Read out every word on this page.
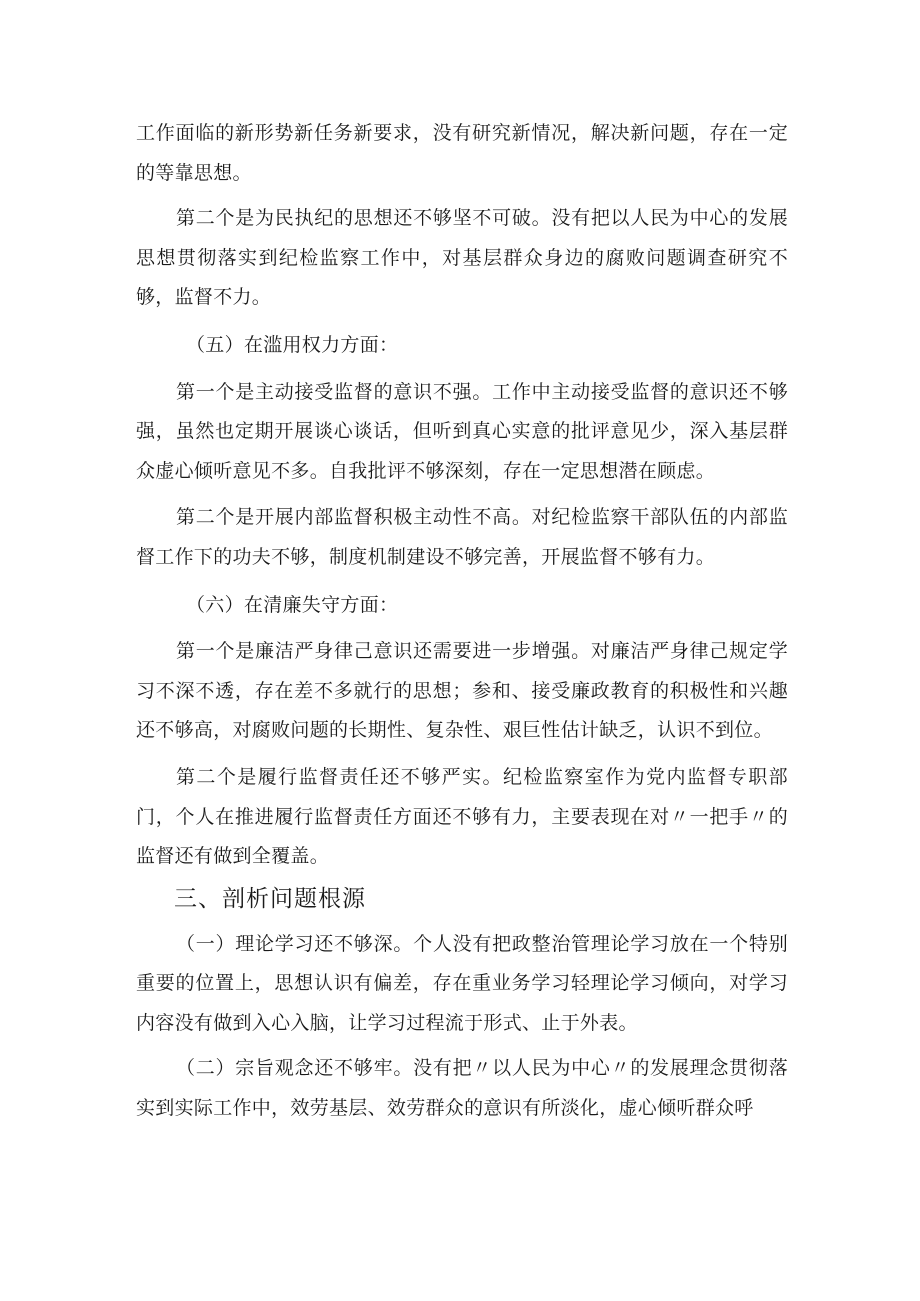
工作面临的新形势新任务新要求，没有研究新情况，解决新问题，存在一定的等靠思想。

第二个是为民执纪的思想还不够坚不可破。没有把以人民为中心的发展思想贯彻落实到纪检监察工作中，对基层群众身边的腐败问题调查研究不够，监督不力。

（五）在滥用权力方面：

第一个是主动接受监督的意识不强。工作中主动接受监督的意识还不够强，虽然也定期开展谈心谈话，但听到真心实意的批评意见少，深入基层群众虚心倾听意见不多。自我批评不够深刻，存在一定思想潜在顾虑。

第二个是开展内部监督积极主动性不高。对纪检监察干部队伍的内部监督工作下的功夫不够，制度机制建设不够完善，开展监督不够有力。

（六）在清廉失守方面：

第一个是廉洁严身律己意识还需要进一步增强。对廉洁严身律己规定学习不深不透，存在差不多就行的思想；参和、接受廉政教育的积极性和兴趣还不够高，对腐败问题的长期性、复杂性、艰巨性估计缺乏，认识不到位。

第二个是履行监督责任还不够严实。纪检监察室作为党内监督专职部门，个人在推进履行监督责任方面还不够有力，主要表现在对〃一把手〃的监督还有做到全覆盖。

三、剖析问题根源

（一）理论学习还不够深。个人没有把政整治管理论学习放在一个特别重要的位置上，思想认识有偏差，存在重业务学习轻理论学习倾向，对学习内容没有做到入心入脑，让学习过程流于形式、止于外表。

（二）宗旨观念还不够牢。没有把〃以人民为中心〃的发展理念贯彻落实到实际工作中，效劳基层、效劳群众的意识有所淡化，虚心倾听群众呼
